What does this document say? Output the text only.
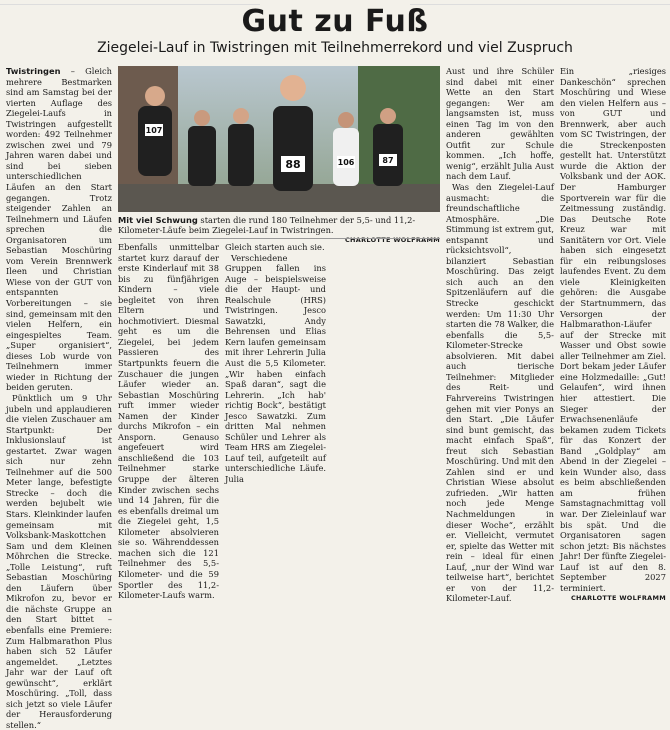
Gut zu Fuß
Ziegelei-Lauf in Twistringen mit Teilnehmerrekord und viel Zuspruch

Twistringen – Gleich mehrere Bestmarken sind am Samstag bei der vierten Auflage des Ziegelei-Laufs in Twistringen aufgestellt worden: 492 Teilnehmer zwischen zwei und 79 Jahren waren dabei und sind bei sieben unterschiedlichen Läufen an den Start gegangen. Trotz steigender Zahlen an Teilnehmern und Läufen sprechen die Organisatoren um Sebastian Moschüring vom Verein Brennwerk Ileen und Christian Wiese von der GUT von entspannten Vorbereitungen – sie sind, gemeinsam mit den vielen Helfern, ein eingespieltes Team. „Super organisiert“, dieses Lob wurde von Teilnehmern immer wieder in Richtung der beiden geruten.

Pünktlich um 9 Uhr jubeln und applaudieren die vielen Zuschauer am Startpunkt: Der Inklusionslauf ist gestartet. Zwar wagen sich nur zehn Teilnehmer auf die 500 Meter lange, befestigte Strecke – doch die werden bejubelt wie Stars. Kleinkinder laufen gemeinsam mit Volksbank-Maskottchen Sam und dem Kleinen Möhrchen die Strecke. „Tolle Leistung“, ruft Sebastian Moschüring den Läufern über Mikrofon zu, bevor er die nächste Gruppe an den Start bittet – ebenfalls eine Premiere: Zum Halbmarathon Plus haben sich 52 Läufer angemeldet. „Letztes Jahr war der Lauf oft gewünscht“, erklärt Moschüring. „Toll, dass sich jetzt so viele Läufer der Herausforderung stellen.“

107
88	87
106
Mit viel Schwung starten die rund 180 Teilnehmer der 5,5- und 11,2-Kilometer-Läufe beim Ziegelei-Lauf in Twistringen.
CHARLOTTE WOLFRAMM

Ebenfalls unmittelbar startet kurz darauf der erste Kinderlauf mit 38 bis zu fünfjährigen Kindern – viele begleitet von ihren Eltern und hochmotiviert. Diesmal geht es um die Ziegelei, bei jedem Passieren des Startpunkts feuern die Zuschauer die jungen Läufer wieder an. Sebastian Moschüring ruft immer wieder Namen der Kinder durchs Mikrofon – ein Ansporn. Genauso angefeuert wird anschließend die 103 Teilnehmer starke Gruppe der älteren Kinder zwischen sechs und 14 Jahren, für die es ebenfalls dreimal um die Ziegelei geht, 1,5 Kilometer absolvieren sie so. Währenddessen machen sich die 121 Teilnehmer des 5,5-Kilometer- und die 59 Sportler des 11,2-Kilometer-Laufs warm.

Gleich starten auch sie.

Verschiedene Gruppen fallen ins Auge – beispielsweise die der Haupt- und Realschule (HRS) Twistringen. Jesco Sawatzki, Andy Behrensen und Elias Kern laufen gemeinsam mit ihrer Lehrerin Julia Aust die 5,5 Kilometer. „Wir haben einfach Spaß daran“, sagt die Lehrerin. „Ich hab' richtig Bock“, bestätigt Jesco Sawatzki. Zum dritten Mal nehmen Schüler und Lehrer als Team HRS am Ziegelei-Lauf teil, aufgeteilt auf unterschiedliche Läufe. Julia

Aust und ihre Schüler sind dabei mit einer Wette an den Start gegangen: Wer am langsamsten ist, muss einen Tag im von den anderen gewählten Outfit zur Schule kommen. „Ich hoffe, wenig“, erzählt Julia Aust nach dem Lauf.

Was den Ziegelei-Lauf ausmacht: die freundschaftliche Atmosphäre. „Die Stimmung ist extrem gut, entspannt und rücksichtsvoll“, bilanziert Sebastian Moschüring. Das zeigt sich auch an den Spitzenläufern auf die Strecke geschickt werden: Um 11:30 Uhr starten die 78 Walker, die ebenfalls die 5,5-Kilometer-Strecke absolvieren. Mit dabei auch tierische Teilnehmer: Mitglieder des Reit- und Fahrvereins Twistringen gehen mit vier Ponys an den Start. „Die Läufer sind bunt gemischt, das macht einfach Spaß“, freut sich Sebastian Moschüring. Und mit den Zahlen sind er und Christian Wiese absolut zufrieden. „Wir hatten noch jede Menge Nachmeldungen in dieser Woche“, erzählt er. Vielleicht, vermutet er, spielte das Wetter mit rein – ideal für einen Lauf, „nur der Wind war teilweise hart“, berichtet er von der 11,2-Kilometer-Lauf.

Ein „riesiges Dankeschön“ sprechen Moschüring und Wiese den vielen Helfern aus – von GUT und Brennwerk, aber auch vom SC Twistringen, der die Streckenposten gestellt hat. Unterstützt wurde die Aktion der Volksbank und der AOK. Der Hamburger Sportverein war für die Zeitmessung zuständig. Das Deutsche Rote Kreuz war mit Sanitätern vor Ort. Viele haben sich eingesetzt für ein reibungsloses laufendes Event. Zu dem viele Kleinigkeiten gehören: die Ausgabe der Startnummern, das Versorgen der Halbmarathon-Läufer auf der Strecke mit Wasser und Obst sowie aller Teilnehmer am Ziel. Dort bekam jeder Läufer eine Holzmedaille: „Gut! Gelaufen“, wird ihnen hier attestiert. Die Sieger der Erwachsenenläufe bekamen zudem Tickets für das Konzert der Band „Goldplay“ am Abend in der Ziegelei – kein Wunder also, dass es beim abschließenden am frühen Samstagnachmittag voll war. Der Zieleinlauf war bis spät. Und die Organisatoren sagen schon jetzt: Bis nächstes Jahr! Der fünfte Ziegelei-Lauf ist auf den 8. September 2027 terminiert.

CHARLOTTE WOLFRAMM
